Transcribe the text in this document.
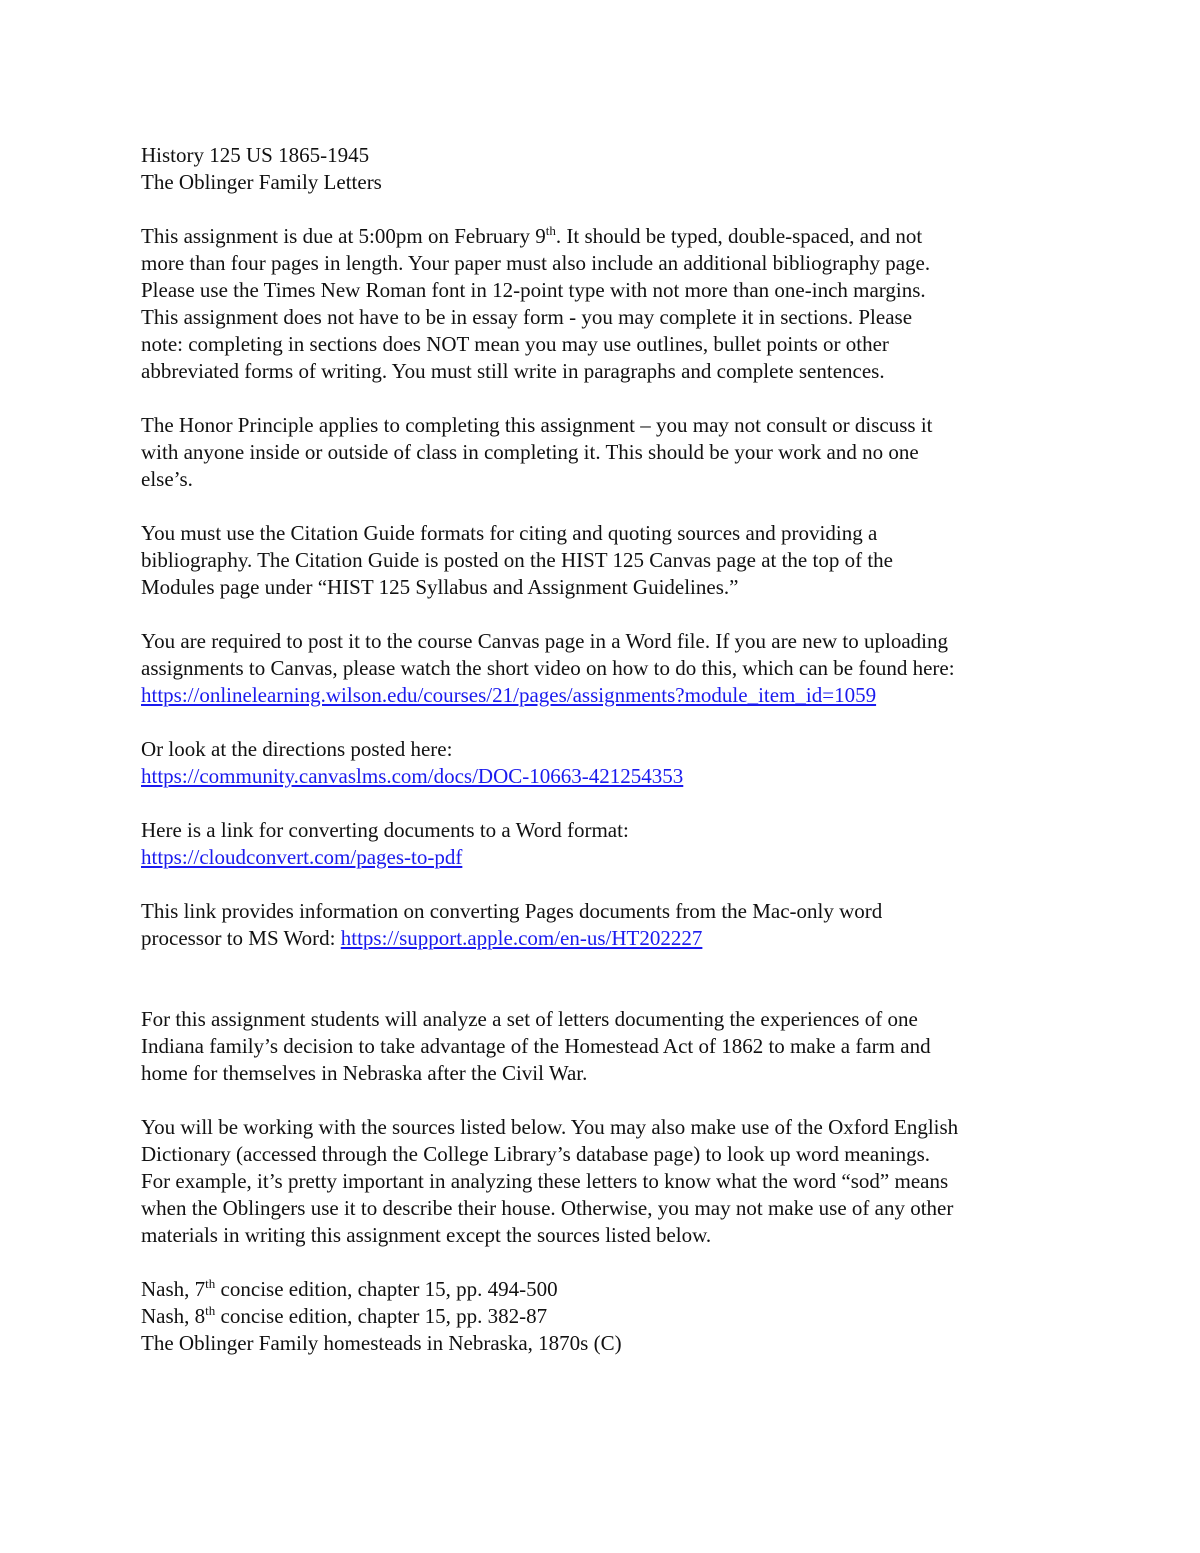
History 125 US 1865-1945
The Oblinger Family Letters
This assignment is due at 5:00pm on February 9th. It should be typed, double-spaced, and not
more than four pages in length. Your paper must also include an additional bibliography page.
Please use the Times New Roman font in 12-point type with not more than one-inch margins.
This assignment does not have to be in essay form - you may complete it in sections. Please
note: completing in sections does NOT mean you may use outlines, bullet points or other
abbreviated forms of writing. You must still write in paragraphs and complete sentences.
The Honor Principle applies to completing this assignment – you may not consult or discuss it
with anyone inside or outside of class in completing it. This should be your work and no one
else’s.
You must use the Citation Guide formats for citing and quoting sources and providing a
bibliography. The Citation Guide is posted on the HIST 125 Canvas page at the top of the
Modules page under “HIST 125 Syllabus and Assignment Guidelines.”
You are required to post it to the course Canvas page in a Word file. If you are new to uploading
assignments to Canvas, please watch the short video on how to do this, which can be found here:
https://onlinelearning.wilson.edu/courses/21/pages/assignments?module_item_id=1059
Or look at the directions posted here:
https://community.canvaslms.com/docs/DOC-10663-421254353
Here is a link for converting documents to a Word format:
https://cloudconvert.com/pages-to-pdf
This link provides information on converting Pages documents from the Mac-only word
processor to MS Word: https://support.apple.com/en-us/HT202227
For this assignment students will analyze a set of letters documenting the experiences of one
Indiana family’s decision to take advantage of the Homestead Act of 1862 to make a farm and
home for themselves in Nebraska after the Civil War.
You will be working with the sources listed below. You may also make use of the Oxford English
Dictionary (accessed through the College Library’s database page) to look up word meanings.
For example, it’s pretty important in analyzing these letters to know what the word “sod” means
when the Oblingers use it to describe their house. Otherwise, you may not make use of any other
materials in writing this assignment except the sources listed below.
Nash, 7th concise edition, chapter 15, pp. 494-500
Nash, 8th concise edition, chapter 15, pp. 382-87
The Oblinger Family homesteads in Nebraska, 1870s (C)
